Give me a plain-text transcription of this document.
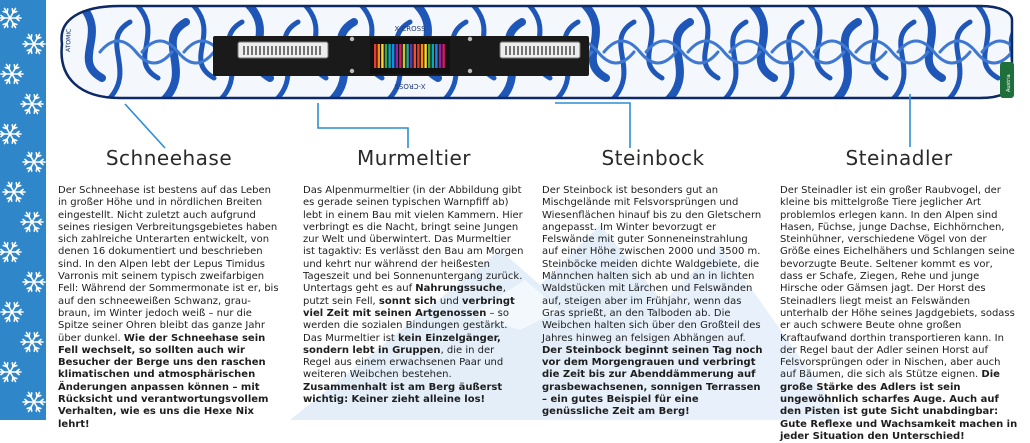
X-CROSS
X-CROSS
ATOMIC
Austria
Schneehase
Der Schneehase ist bestens auf das Leben in großer Höhe und in nördlichen Breiten eingestellt. Nicht zuletzt auch aufgrund seines riesigen Verbreitungsgebietes haben sich zahlreiche Unterarten entwickelt, von denen 16 dokumentiert und beschrieben sind. In den Alpen lebt der Lepus Timidus Varronis mit seinem typisch zweifarbigen Fell: Während der Sommermonate ist er, bis auf den schneeweißen Schwanz, grau-braun, im Winter jedoch weiß – nur die Spitze seiner Ohren bleibt das ganze Jahr über dunkel. Wie der Schneehase sein Fell wechselt, so sollten auch wir Besucher der Berge uns den raschen klimatischen und atmosphärischen Änderungen anpassen können – mit Rücksicht und verantwortungsvollem Verhalten, wie es uns die Hexe Nix lehrt!
Murmeltier
Das Alpenmurmeltier (in der Abbildung gibt es gerade seinen typischen Warnpfiff ab) lebt in einem Bau mit vielen Kammern. Hier verbringt es die Nacht, bringt seine Jungen zur Welt und überwintert. Das Murmeltier ist tagaktiv: Es verlässt den Bau am Morgen und kehrt nur während der heißesten Tageszeit und bei Sonnenuntergang zurück. Untertags geht es auf Nahrungssuche, putzt sein Fell, sonnt sich und verbringt viel Zeit mit seinen Artgenossen – so werden die sozialen Bindungen gestärkt. Das Murmeltier ist kein Einzelgänger, sondern lebt in Gruppen, die in der Regel aus einem erwachsenen Paar und weiteren Weibchen bestehen. Zusammenhalt ist am Berg äußerst wichtig: Keiner zieht alleine los!
Steinbock
Der Steinbock ist besonders gut an Mischgelände mit Felsvorsprüngen und Wiesenflächen hinauf bis zu den Gletschern angepasst. Im Winter bevorzugt er Felswände mit guter Sonneneinstrahlung auf einer Höhe zwischen 2000 und 3500 m. Steinböcke meiden dichte Waldgebiete, die Männchen halten sich ab und an in lichten Waldstücken mit Lärchen und Felswänden auf, steigen aber im Frühjahr, wenn das Gras sprießt, an den Talboden ab. Die Weibchen halten sich über den Großteil des Jahres hinweg an felsigen Abhängen auf. Der Steinbock beginnt seinen Tag noch vor dem Morgengrauen und verbringt die Zeit bis zur Abenddämmerung auf grasbewachsenen, sonnigen Terrassen – ein gutes Beispiel für eine genüssliche Zeit am Berg!
Steinadler
Der Steinadler ist ein großer Raubvogel, der kleine bis mittelgroße Tiere jeglicher Art problemlos erlegen kann. In den Alpen sind Hasen, Füchse, junge Dachse, Eichhörnchen, Steinhühner, verschiedene Vögel von der Größe eines Eichelhähers und Schlangen seine bevorzugte Beute. Seltener kommt es vor, dass er Schafe, Ziegen, Rehe und junge Hirsche oder Gämsen jagt. Der Horst des Steinadlers liegt meist an Felswänden unterhalb der Höhe seines Jagdgebiets, sodass er auch schwere Beute ohne großen Kraftaufwand dorthin transportieren kann. In der Regel baut der Adler seinen Horst auf Felsvorsprüngen oder in Nischen, aber auch auf Bäumen, die sich als Stütze eignen. Die große Stärke des Adlers ist sein ungewöhnlich scharfes Auge. Auch auf den Pisten ist gute Sicht unabdingbar: Gute Reflexe und Wachsamkeit machen in jeder Situation den Unterschied!
